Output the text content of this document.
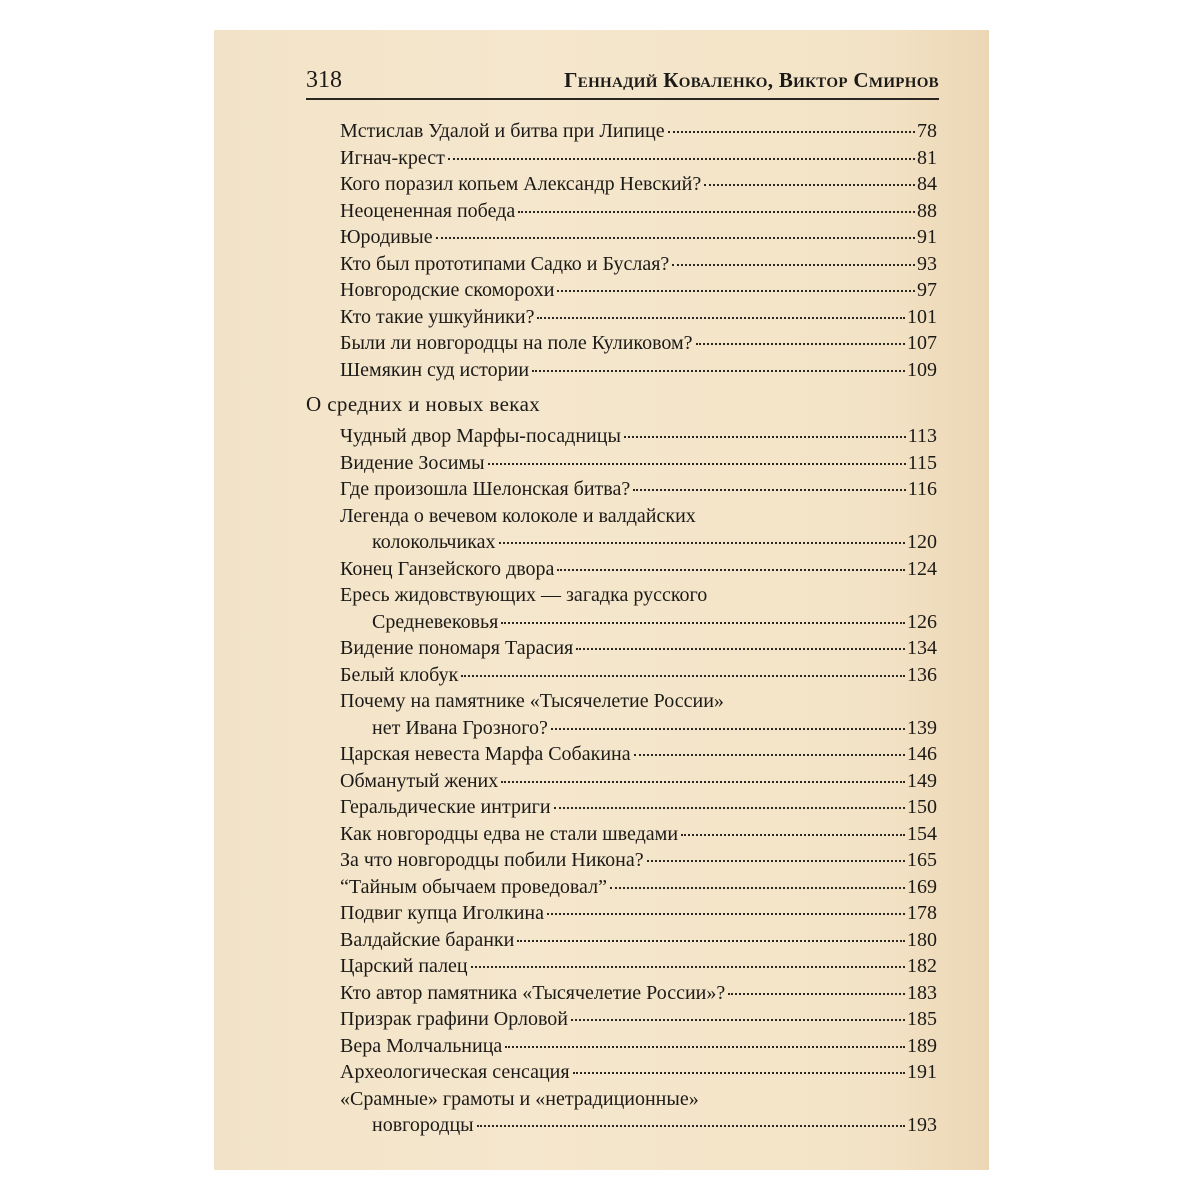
318	Геннадий Коваленко, Виктор Смирнов
Мстислав Удалой и битва при Липице	78
Игнач-крест	81
Кого поразил копьем Александр Невский?	84
Неоцененная победа	88
Юродивые	91
Кто был прототипами Садко и Буслая?	93
Новгородские скоморохи	97
Кто такие ушкуйники?	101
Были ли новгородцы на поле Куликовом?	107
Шемякин суд истории	109
О средних и новых веках
Чудный двор Марфы-посадницы	113
Видение Зосимы	115
Где произошла Шелонская битва?	116
Легенда о вечевом колоколе и валдайских
колокольчиках	120
Конец Ганзейского двора	124
Ересь жидовствующих — загадка русского
Средневековья	126
Видение пономаря Тарасия	134
Белый клобук	136
Почему на памятнике «Тысячелетие России»
нет Ивана Грозного?	139
Царская невеста Марфа Собакина	146
Обманутый жених	149
Геральдические интриги	150
Как новгородцы едва не стали шведами	154
За что новгородцы побили Никона?	165
“Тайным обычаем проведовал”	169
Подвиг купца Иголкина	178
Валдайские баранки	180
Царский палец	182
Кто автор памятника «Тысячелетие России»?	183
Призрак графини Орловой	185
Вера Молчальница	189
Археологическая сенсация	191
«Срамные» грамоты и «нетрадиционные»
новгородцы	193
